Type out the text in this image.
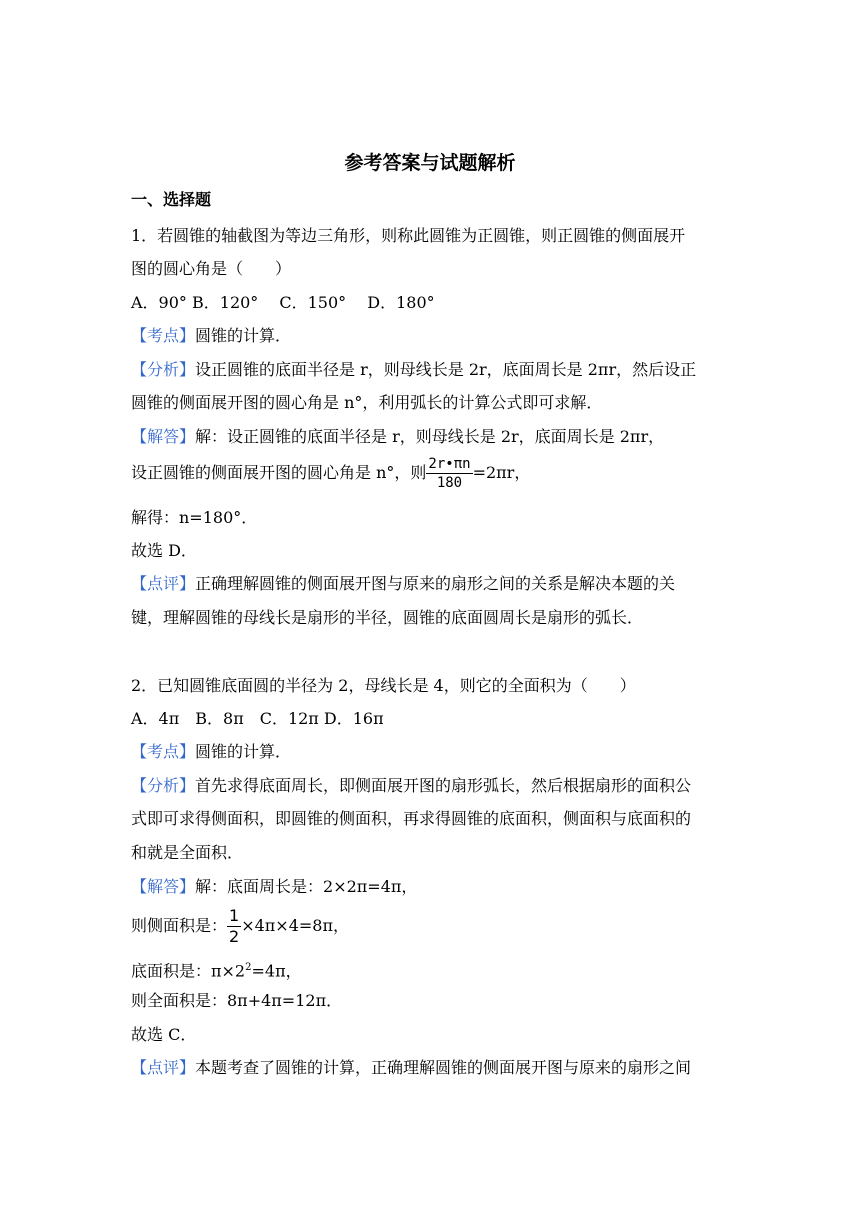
参考答案与试题解析
一、选择题
1．若圆锥的轴截图为等边三角形，则称此圆锥为正圆锥，则正圆锥的侧面展开
图的圆心角是（　　）
A．90° B．120°　 C．150°　 D．180°
【考点】圆锥的计算．
【分析】设正圆锥的底面半径是 r，则母线长是 2r，底面周长是 2πr，然后设正
圆锥的侧面展开图的圆心角是 n°，利用弧长的计算公式即可求解．
【解答】解：设正圆锥的底面半径是 r，则母线长是 2r，底面周长是 2πr，
设正圆锥的侧面展开图的圆心角是 n°，则 $\frac{2r•\pi n}{180} =2\pi r$，
解得：n=180°．
故选 D．
【点评】正确理解圆锥的侧面展开图与原来的扇形之间的关系是解决本题的关
键，理解圆锥的母线长是扇形的半径，圆锥的底面圆周长是扇形的弧长．
2．已知圆锥底面圆的半径为 2，母线长是 4，则它的全面积为（　　）
A．4π　B．8π　C．12π D．16π
【考点】圆锥的计算．
【分析】首先求得底面周长，即侧面展开图的扇形弧长，然后根据扇形的面积公
式即可求得侧面积，即圆锥的侧面积，再求得圆锥的底面积，侧面积与底面积的
和就是全面积．
【解答】解：底面周长是：2×2π=4π，
则侧面积是： $\frac{1}{2} \times 4\pi\times 4=8\pi$，
底面积是：$\pi\times 2^2=4\pi$，
则全面积是：8π+4π=12π．
故选 C．
【点评】本题考查了圆锥的计算，正确理解圆锥的侧面展开图与原来的扇形之间
